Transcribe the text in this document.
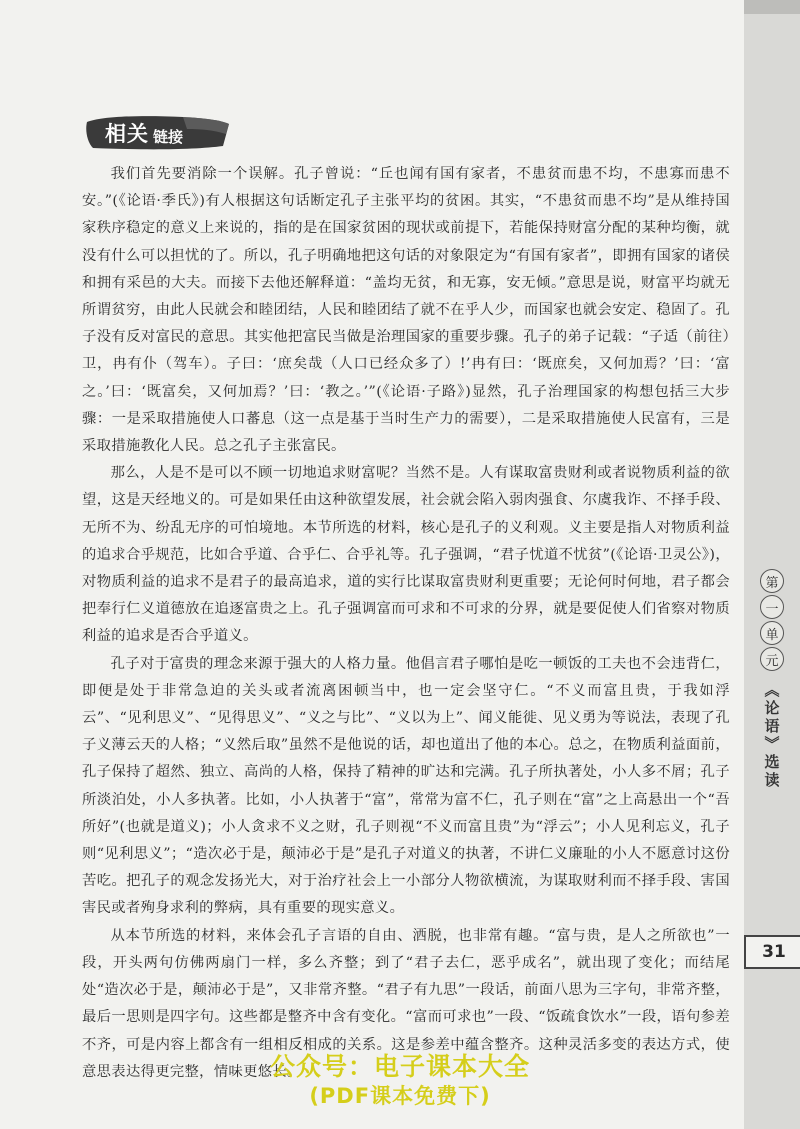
第
一
单
元
《论语》选读
31
相关 链接

我们首先要消除一个误解。孔子曾说：“丘也闻有国有家者，不患贫而患不均，不患寡而患不安。”(《论语·季氏》)有人根据这句话断定孔子主张平均的贫困。其实，“不患贫而患不均”是从维持国家秩序稳定的意义上来说的，指的是在国家贫困的现状或前提下，若能保持财富分配的某种均衡，就没有什么可以担忧的了。所以，孔子明确地把这句话的对象限定为“有国有家者”，即拥有国家的诸侯和拥有采邑的大夫。而接下去他还解释道：“盖均无贫，和无寡，安无倾。”意思是说，财富平均就无所谓贫穷，由此人民就会和睦团结，人民和睦团结了就不在乎人少，而国家也就会安定、稳固了。孔子没有反对富民的意思。其实他把富民当做是治理国家的重要步骤。孔子的弟子记载：“子适（前往）卫，冉有仆（驾车）。子曰：‘庶矣哉（人口已经众多了）!’冉有曰：‘既庶矣，又何加焉？’曰：‘富之。’曰：‘既富矣，又何加焉？’曰：‘教之。’”(《论语·子路》)显然，孔子治理国家的构想包括三大步骤：一是采取措施使人口蕃息（这一点是基于当时生产力的需要），二是采取措施使人民富有，三是采取措施教化人民。总之孔子主张富民。

那么，人是不是可以不顾一切地追求财富呢？当然不是。人有谋取富贵财利或者说物质利益的欲望，这是天经地义的。可是如果任由这种欲望发展，社会就会陷入弱肉强食、尔虞我诈、不择手段、无所不为、纷乱无序的可怕境地。本节所选的材料，核心是孔子的义利观。义主要是指人对物质利益的追求合乎规范，比如合乎道、合乎仁、合乎礼等。孔子强调，“君子忧道不忧贫”(《论语·卫灵公》)，对物质利益的追求不是君子的最高追求，道的实行比谋取富贵财利更重要；无论何时何地，君子都会把奉行仁义道德放在追逐富贵之上。孔子强调富而可求和不可求的分界，就是要促使人们省察对物质利益的追求是否合乎道义。

孔子对于富贵的理念来源于强大的人格力量。他倡言君子哪怕是吃一顿饭的工夫也不会违背仁，即便是处于非常急迫的关头或者流离困顿当中，也一定会坚守仁。“不义而富且贵，于我如浮云”、“见利思义”、“见得思义”、“义之与比”、“义以为上”、闻义能徙、见义勇为等说法，表现了孔子义薄云天的人格；“义然后取”虽然不是他说的话，却也道出了他的本心。总之，在物质利益面前，孔子保持了超然、独立、高尚的人格，保持了精神的旷达和完满。孔子所执著处，小人多不屑；孔子所淡泊处，小人多执著。比如，小人执著于“富”，常常为富不仁，孔子则在“富”之上高悬出一个“吾所好”(也就是道义)；小人贪求不义之财，孔子则视“不义而富且贵”为“浮云”；小人见利忘义，孔子则“见利思义”；“造次必于是，颠沛必于是”是孔子对道义的执著，不讲仁义廉耻的小人不愿意讨这份苦吃。把孔子的观念发扬光大，对于治疗社会上一小部分人物欲横流，为谋取财利而不择手段、害国害民或者殉身求利的弊病，具有重要的现实意义。

从本节所选的材料，来体会孔子言语的自由、洒脱，也非常有趣。“富与贵，是人之所欲也”一段，开头两句仿佛两扇门一样，多么齐整；到了“君子去仁，恶乎成名”，就出现了变化；而结尾处“造次必于是，颠沛必于是”，又非常齐整。“君子有九思”一段话，前面八思为三字句，非常齐整，最后一思则是四字句。这些都是整齐中含有变化。“富而可求也”一段、“饭疏食饮水”一段，语句参差不齐，可是内容上都含有一组相反相成的关系。这是参差中蕴含整齐。这种灵活多变的表达方式，使意思表达得更完整，情味更悠长。

公众号：电子课本大全
(PDF课本免费下)
